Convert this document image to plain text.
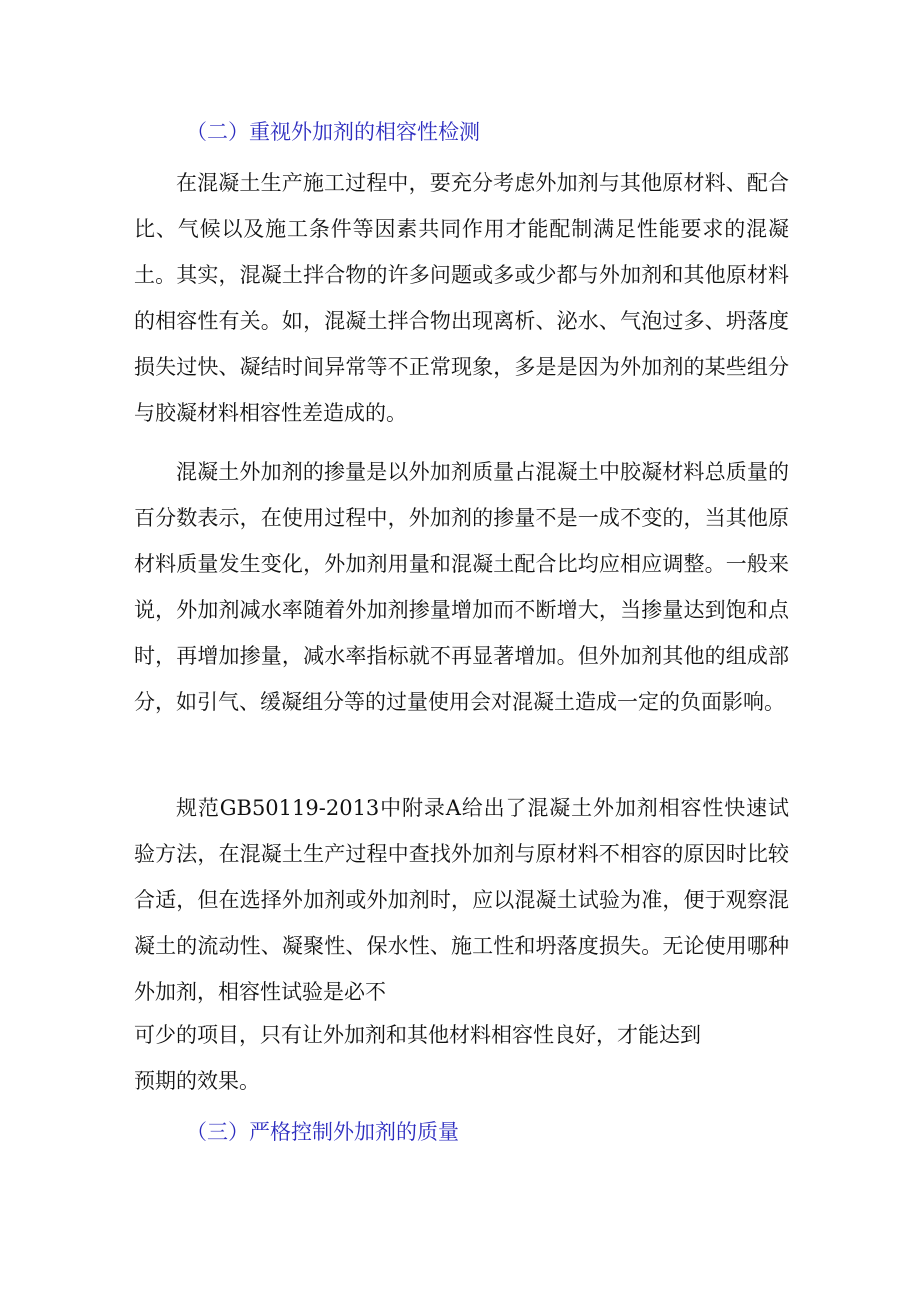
（二）重视外加剂的相容性检测
在混凝土生产施工过程中，要充分考虑外加剂与其他原材料、配合比、气候以及施工条件等因素共同作用才能配制满足性能要求的混凝土。其实，混凝土拌合物的许多问题或多或少都与外加剂和其他原材料的相容性有关。如，混凝土拌合物出现离析、泌水、气泡过多、坍落度损失过快、凝结时间异常等不正常现象，多是是因为外加剂的某些组分与胶凝材料相容性差造成的。
混凝土外加剂的掺量是以外加剂质量占混凝土中胶凝材料总质量的百分数表示，在使用过程中，外加剂的掺量不是一成不变的，当其他原材料质量发生变化，外加剂用量和混凝土配合比均应相应调整。一般来说，外加剂减水率随着外加剂掺量增加而不断增大，当掺量达到饱和点时，再增加掺量，减水率指标就不再显著增加。但外加剂其他的组成部分，如引气、缓凝组分等的过量使用会对混凝土造成一定的负面影响。
规范GB50119-2013中附录A给出了混凝土外加剂相容性快速试验方法，在混凝土生产过程中查找外加剂与原材料不相容的原因时比较合适，但在选择外加剂或外加剂时，应以混凝土试验为准，便于观察混凝土的流动性、凝聚性、保水性、施工性和坍落度损失。无论使用哪种外加剂，相容性试验是必不
可少的项目，只有让外加剂和其他材料相容性良好，才能达到
预期的效果。
（三）严格控制外加剂的质量
